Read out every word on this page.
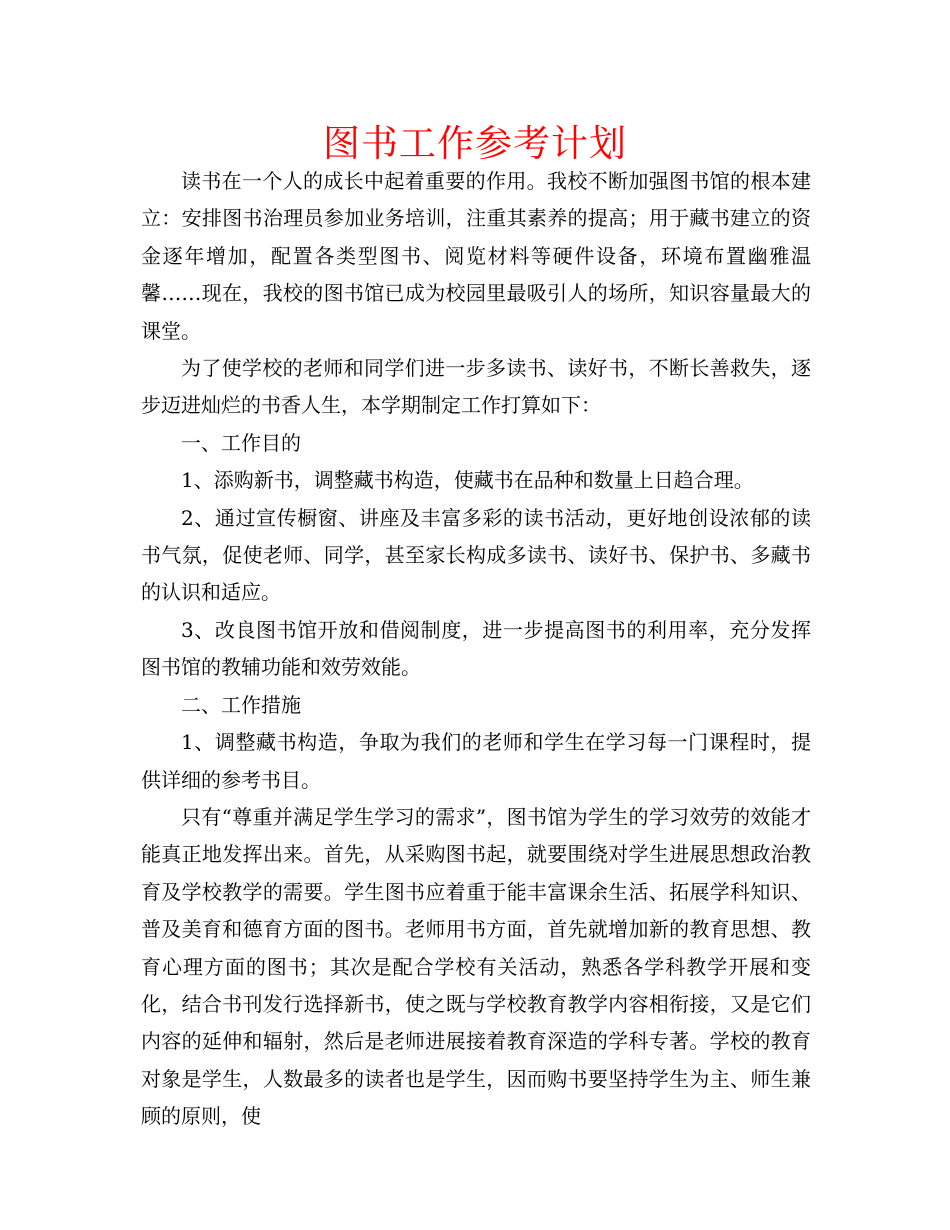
图书工作参考计划

读书在一个人的成长中起着重要的作用。我校不断加强图书馆的根本建立：安排图书治理员参加业务培训，注重其素养的提高；用于藏书建立的资金逐年增加，配置各类型图书、阅览材料等硬件设备，环境布置幽雅温馨……现在，我校的图书馆已成为校园里最吸引人的场所，知识容量最大的课堂。

为了使学校的老师和同学们进一步多读书、读好书，不断长善救失，逐步迈进灿烂的书香人生，本学期制定工作打算如下：

一、工作目的

1、添购新书，调整藏书构造，使藏书在品种和数量上日趋合理。

2、通过宣传橱窗、讲座及丰富多彩的读书活动，更好地创设浓郁的读书气氛，促使老师、同学，甚至家长构成多读书、读好书、保护书、多藏书的认识和适应。

3、改良图书馆开放和借阅制度，进一步提高图书的利用率，充分发挥图书馆的教辅功能和效劳效能。

二、工作措施

1、调整藏书构造，争取为我们的老师和学生在学习每一门课程时，提供详细的参考书目。

只有“尊重并满足学生学习的需求”，图书馆为学生的学习效劳的效能才能真正地发挥出来。首先，从采购图书起，就要围绕对学生进展思想政治教育及学校教学的需要。学生图书应着重于能丰富课余生活、拓展学科知识、普及美育和德育方面的图书。老师用书方面，首先就增加新的教育思想、教育心理方面的图书；其次是配合学校有关活动，熟悉各学科教学开展和变化，结合书刊发行选择新书，使之既与学校教育教学内容相衔接，又是它们内容的延伸和辐射，然后是老师进展接着教育深造的学科专著。学校的教育对象是学生，人数最多的读者也是学生，因而购书要坚持学生为主、师生兼顾的原则，使
